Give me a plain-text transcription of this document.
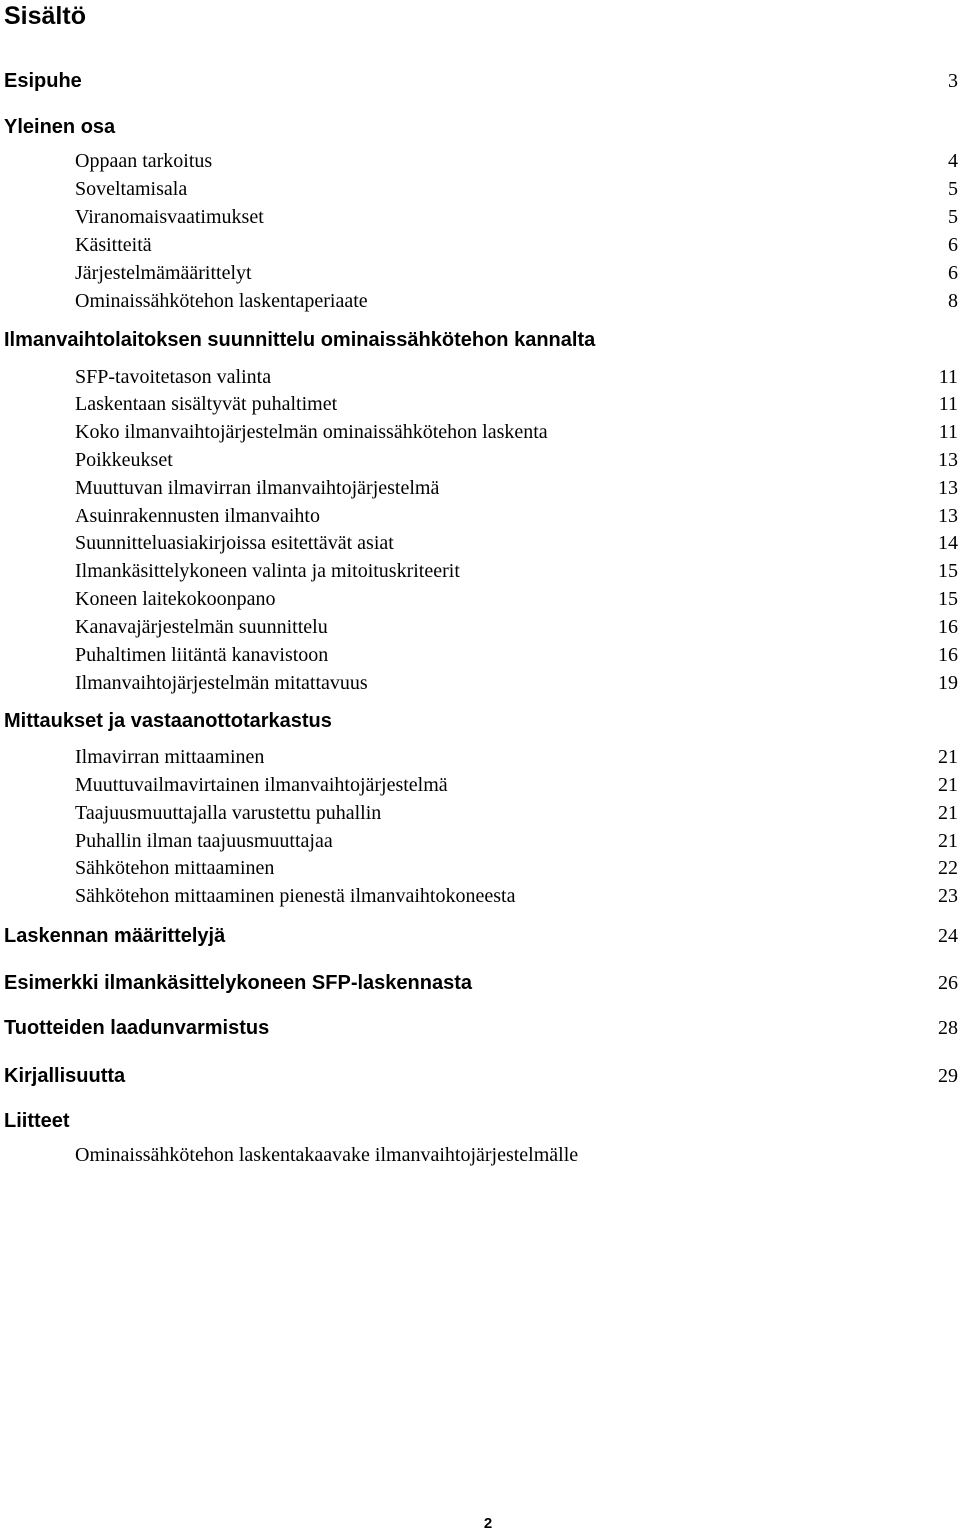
Sisältö
Esipuhe	3
Yleinen osa
Oppaan tarkoitus	4
Soveltamisala	5
Viranomaisvaatimukset	5
Käsitteitä	6
Järjestelmämäärittelyt	6
Ominaissähkötehon laskentaperiaate	8
Ilmanvaihtolaitoksen suunnittelu ominaissähkötehon kannalta
SFP-tavoitetason valinta	11
Laskentaan sisältyvät puhaltimet	11
Koko ilmanvaihtojärjestelmän ominaissähkötehon laskenta	11
Poikkeukset	13
Muuttuvan ilmavirran ilmanvaihtojärjestelmä	13
Asuinrakennusten ilmanvaihto	13
Suunnitteluasiakirjoissa esitettävät asiat	14
Ilmankäsittelykoneen valinta ja mitoituskriteerit	15
Koneen laitekokoonpano	15
Kanavajärjestelmän suunnittelu	16
Puhaltimen liitäntä kanavistoon	16
Ilmanvaihtojärjestelmän mitattavuus	19
Mittaukset ja vastaanottotarkastus
Ilmavirran mittaaminen	21
Muuttuvailmavirtainen ilmanvaihtojärjestelmä	21
Taajuusmuuttajalla varustettu puhallin	21
Puhallin ilman taajuusmuuttajaa	21
Sähkötehon mittaaminen	22
Sähkötehon mittaaminen pienestä ilmanvaihtokoneesta	23
Laskennan määrittelyjä	24
Esimerkki ilmankäsittelykoneen SFP-laskennasta	26
Tuotteiden laadunvarmistus	28
Kirjallisuutta	29
Liitteet
Ominaissähkötehon laskentakaavake ilmanvaihtojärjestelmälle
2
